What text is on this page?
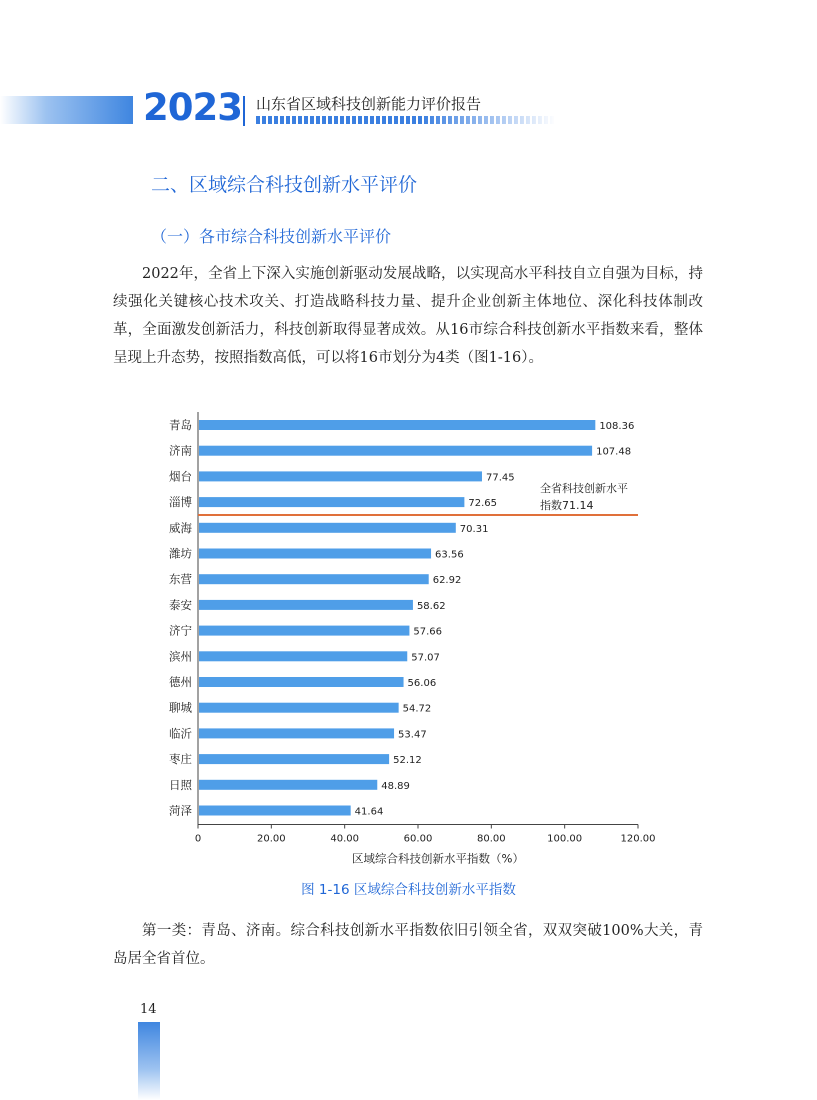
2023 山东省区域科技创新能力评价报告
二、区域综合科技创新水平评价
（一）各市综合科技创新水平评价

2022年，全省上下深入实施创新驱动发展战略，以实现高水平科技自立自强为目标，持续强化关键核心技术攻关、打造战略科技力量、提升企业创新主体地位、深化科技体制改革，全面激发创新活力，科技创新取得显著成效。从16市综合科技创新水平指数来看，整体呈现上升态势，按照指数高低，可以将16市划分为4类（图1-16）。

青岛	108.36
济南	107.48
烟台	77.45
淄博	72.65
威海	70.31
潍坊	63.56
东营	62.92
泰安	58.62
济宁	57.66
滨州	57.07
德州	56.06
聊城	54.72
临沂	53.47
枣庄	52.12
日照	48.89
菏泽	41.64
0	20.00	40.00	60.00	80.00	100.00	120.00
区域综合科技创新水平指数（%）
全省科技创新水平
指数71.14
图 1-16 区域综合科技创新水平指数

第一类：青岛、济南。综合科技创新水平指数依旧引领全省，双双突破100%大关，青岛居全省首位。

14
